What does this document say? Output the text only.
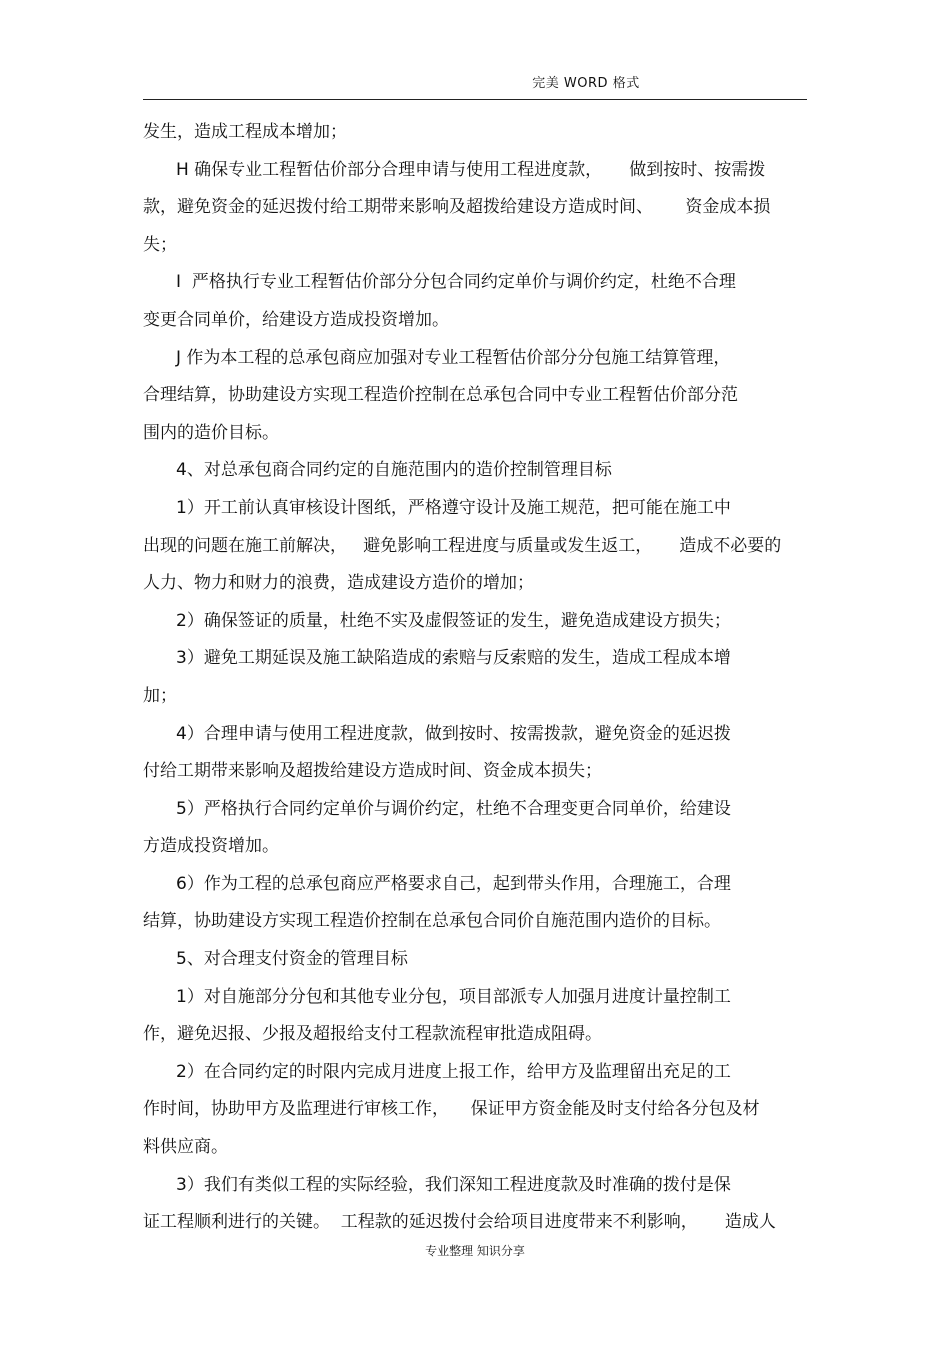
完美 WORD 格式
发生，造成工程成本增加；
H 确保专业工程暂估价部分合理申请与使用工程进度款，     做到按时、按需拨
款，避免资金的延迟拨付给工期带来影响及超拨给建设方造成时间、      资金成本损
失；
I  严格执行专业工程暂估价部分分包合同约定单价与调价约定，杜绝不合理
变更合同单价，给建设方造成投资增加。
J 作为本工程的总承包商应加强对专业工程暂估价部分分包施工结算管理，
合理结算，协助建设方实现工程造价控制在总承包合同中专业工程暂估价部分范
围内的造价目标。
4、对总承包商合同约定的自施范围内的造价控制管理目标
1）开工前认真审核设计图纸，严格遵守设计及施工规范，把可能在施工中
出现的问题在施工前解决，   避免影响工程进度与质量或发生返工，     造成不必要的
人力、物力和财力的浪费，造成建设方造价的增加；
2）确保签证的质量，杜绝不实及虚假签证的发生，避免造成建设方损失；
3）避免工期延误及施工缺陷造成的索赔与反索赔的发生，造成工程成本增
加；
4）合理申请与使用工程进度款，做到按时、按需拨款，避免资金的延迟拨
付给工期带来影响及超拨给建设方造成时间、资金成本损失；
5）严格执行合同约定单价与调价约定，杜绝不合理变更合同单价，给建设
方造成投资增加。
6）作为工程的总承包商应严格要求自己，起到带头作用，合理施工，合理
结算，协助建设方实现工程造价控制在总承包合同价自施范围内造价的目标。
5、对合理支付资金的管理目标
1）对自施部分分包和其他专业分包，项目部派专人加强月进度计量控制工
作，避免迟报、少报及超报给支付工程款流程审批造成阻碍。
2）在合同约定的时限内完成月进度上报工作，给甲方及监理留出充足的工
作时间，协助甲方及监理进行审核工作，    保证甲方资金能及时支付给各分包及材
料供应商。
3）我们有类似工程的实际经验，我们深知工程进度款及时准确的拨付是保
证工程顺利进行的关键。  工程款的延迟拨付会给项目进度带来不利影响，     造成人
专业整理 知识分享
